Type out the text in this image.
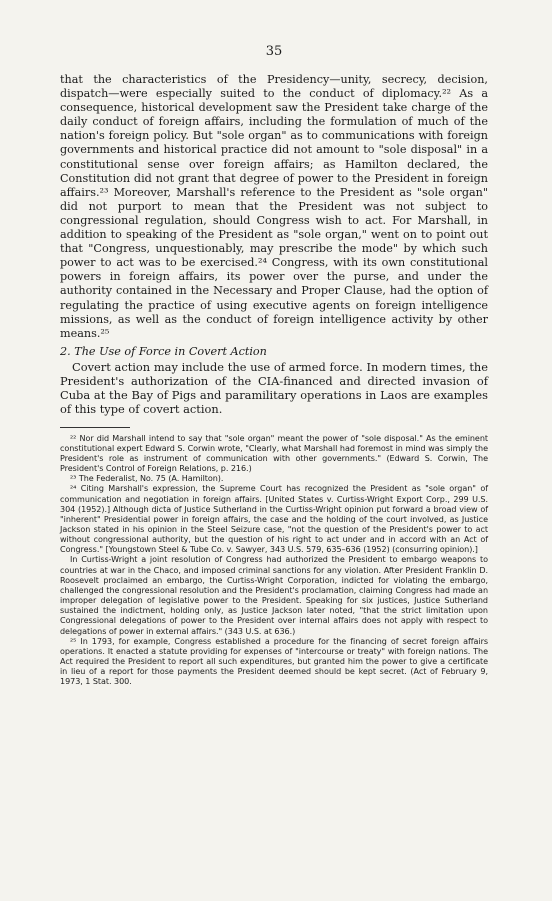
35

that the characteristics of the Presidency—unity, secrecy, decision, dispatch—were especially suited to the conduct of diplomacy.²² As a consequence, historical development saw the President take charge of the daily conduct of foreign affairs, including the formulation of much of the nation's foreign policy. But "sole organ" as to communications with foreign governments and historical practice did not amount to "sole disposal" in a constitutional sense over foreign affairs; as Hamilton declared, the Constitution did not grant that degree of power to the President in foreign affairs.²³ Moreover, Marshall's reference to the President as "sole organ" did not purport to mean that the President was not subject to congressional regulation, should Congress wish to act. For Marshall, in addition to speaking of the President as "sole organ," went on to point out that "Congress, unquestionably, may prescribe the mode" by which such power to act was to be exercised.²⁴ Congress, with its own constitutional powers in foreign affairs, its power over the purse, and under the authority contained in the Necessary and Proper Clause, had the option of regulating the practice of using executive agents on foreign intelligence missions, as well as the conduct of foreign intelligence activity by other means.²⁵

2. The Use of Force in Covert Action

Covert action may include the use of armed force. In modern times, the President's authorization of the CIA-financed and directed invasion of Cuba at the Bay of Pigs and paramilitary operations in Laos are examples of this type of covert action.

²² Nor did Marshall intend to say that "sole organ" meant the power of "sole disposal." As the eminent constitutional expert Edward S. Corwin wrote, "Clearly, what Marshall had foremost in mind was simply the President's role as instrument of communication with other governments." (Edward S. Corwin, The President's Control of Foreign Relations, p. 216.)

²³ The Federalist, No. 75 (A. Hamilton).

²⁴ Citing Marshall's expression, the Supreme Court has recognized the President as "sole organ" of communication and negotiation in foreign affairs. [United States v. Curtiss-Wright Export Corp., 299 U.S. 304 (1952).] Although dicta of Justice Sutherland in the Curtiss-Wright opinion put forward a broad view of "inherent" Presidential power in foreign affairs, the case and the holding of the court involved, as Justice Jackson stated in his opinion in the Steel Seizure case, "not the question of the President's power to act without congressional authority, but the question of his right to act under and in accord with an Act of Congress." [Youngstown Steel & Tube Co. v. Sawyer, 343 U.S. 579, 635–636 (1952) (consurring opinion).]

In Curtiss-Wright a joint resolution of Congress had authorized the President to embargo weapons to countries at war in the Chaco, and imposed criminal sanctions for any violation. After President Franklin D. Roosevelt proclaimed an embargo, the Curtiss-Wright Corporation, indicted for violating the embargo, challenged the congressional resolution and the President's proclamation, claiming Congress had made an improper delegation of legislative power to the President. Speaking for six justices, Justice Sutherland sustained the indictment, holding only, as Justice Jackson later noted, "that the strict limitation upon Congressional delegations of power to the President over internal affairs does not apply with respect to delegations of power in external affairs." (343 U.S. at 636.)

²⁵ In 1793, for example, Congress established a procedure for the financing of secret foreign affairs operations. It enacted a statute providing for expenses of "intercourse or treaty" with foreign nations. The Act required the President to report all such expenditures, but granted him the power to give a certificate in lieu of a report for those payments the President deemed should be kept secret. (Act of February 9, 1973, 1 Stat. 300.
